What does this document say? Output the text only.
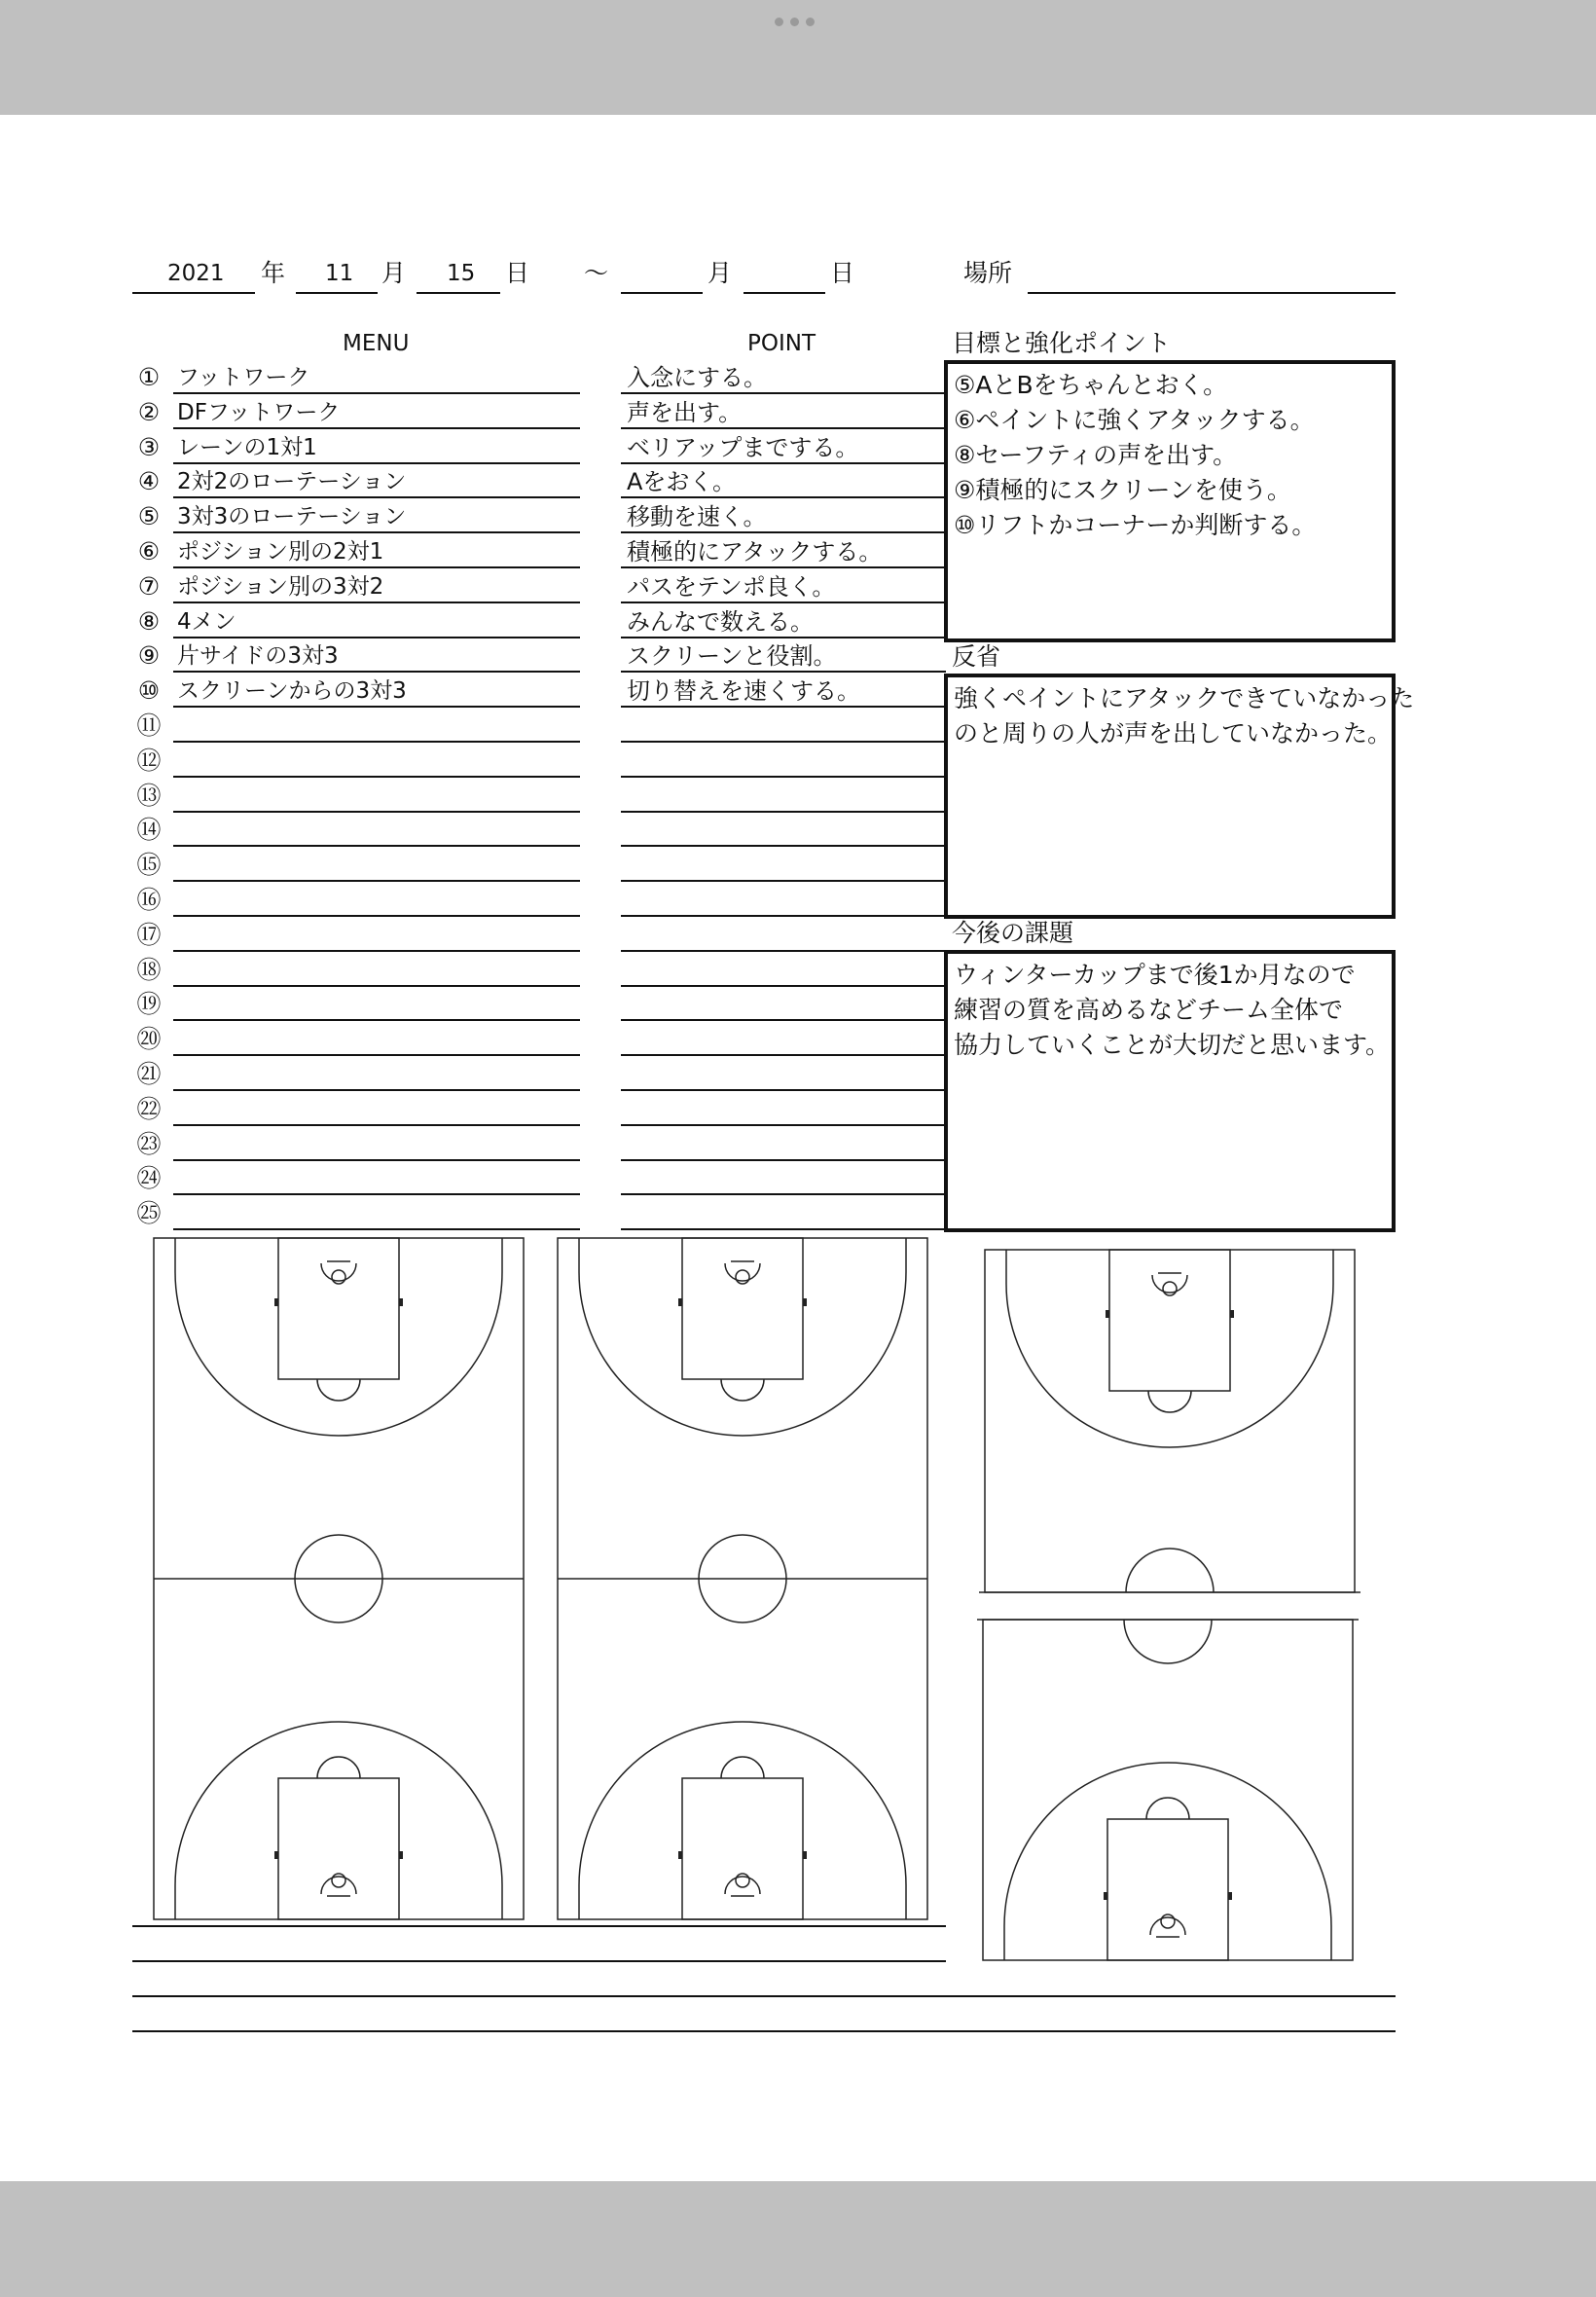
2021 年 11 月 15 日 ～	月	日	場所
MENU	POINT
① フットワーク	入念にする。
② DFフットワーク	声を出す。
③ レーンの1対1	ベリアップまでする。
④ 2対2のローテーション	Aをおく。
⑤ 3対3のローテーション	移動を速く。
⑥ ポジション別の2対1	積極的にアタックする。
⑦ ポジション別の3対2	パスをテンポ良く。
⑧ 4メン	みんなで数える。
⑨ 片サイドの3対3	スクリーンと役割。
⑩ スクリーンからの3対3	切り替えを速くする。
⑪
⑫
⑬
⑭
⑮
⑯
⑰
⑱
⑲
⑳
㉑
㉒
㉓
㉔
㉕
目標と強化ポイント
⑤AとBをちゃんとおく。
⑥ペイントに強くアタックする。
⑧セーフティの声を出す。
⑨積極的にスクリーンを使う。
⑩リフトかコーナーか判断する。
反省
強くペイントにアタックできていなかった
のと周りの人が声を出していなかった。
今後の課題
ウィンターカップまで後1か月なので
練習の質を高めるなどチーム全体で
協力していくことが大切だと思います。
